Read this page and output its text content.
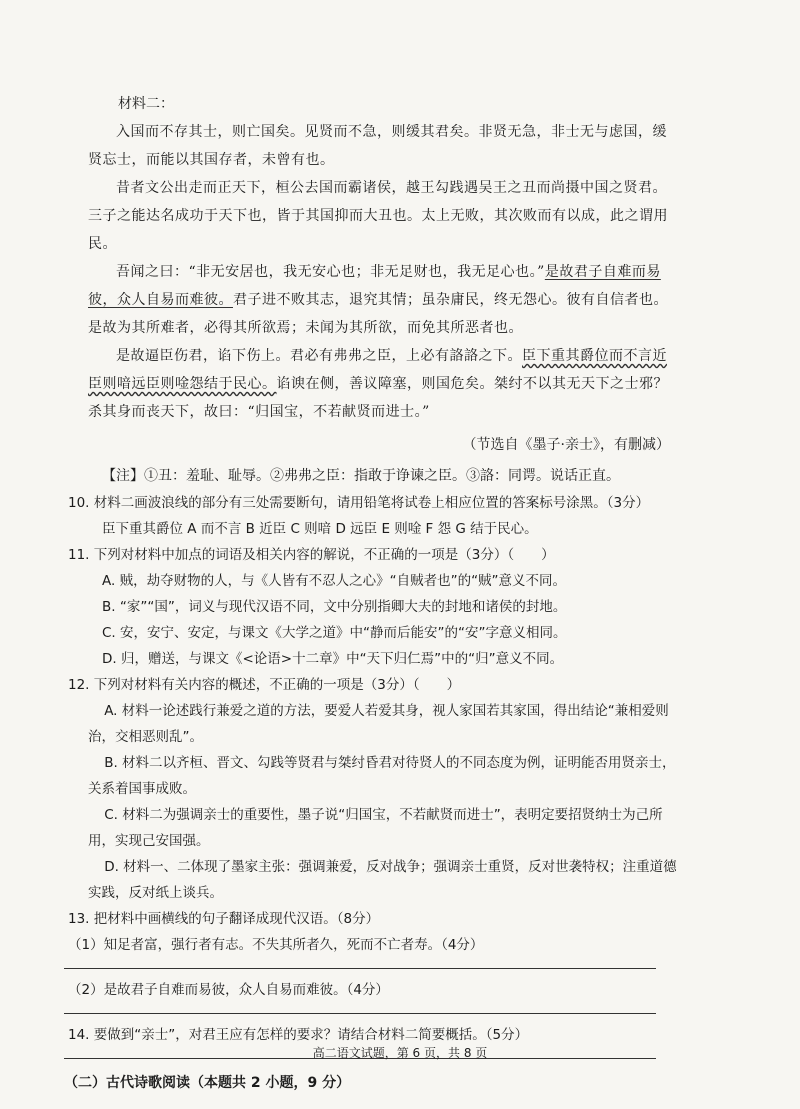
材料二：

入国而不存其士，则亡国矣。见贤而不急，则缓其君矣。非贤无急，非士无与虑国，缓贤忘士，而能以其国存者，未曾有也。

昔者文公出走而正天下，桓公去国而霸诸侯，越王勾践遇吴王之丑而尚摄中国之贤君。三子之能达名成功于天下也，皆于其国抑而大丑也。太上无败，其次败而有以成，此之谓用民。

吾闻之曰：“非无安居也，我无安心也；非无足财也，我无足心也。”是故君子自难而易彼，众人自易而难彼。君子进不败其志，退究其情；虽杂庸民，终无怨心。彼有自信者也。是故为其所难者，必得其所欲焉；未闻为其所欲，而免其所恶者也。

是故逼臣伤君，谄下伤上。君必有弗弗之臣，上必有詻詻之下。臣下重其爵位而不言近臣则喑远臣则唫怨结于民心。谄谀在侧，善议障塞，则国危矣。桀纣不以其无天下之士邪？杀其身而丧天下，故曰：“归国宝，不若献贤而进士。”

（节选自《墨子·亲士》，有删减）

【注】①丑：羞耻、耻辱。②弗弗之臣：指敢于诤谏之臣。③詻：同谔。说话正直。

10. 材料二画波浪线的部分有三处需要断句，请用铅笔将试卷上相应位置的答案标号涂黑。（3分）

臣下重其爵位 A 而不言 B 近臣 C 则喑 D 远臣 E 则唫 F 怨 G 结于民心。

11. 下列对材料中加点的词语及相关内容的解说，不正确的一项是（3分）（　　）

A. 贼，劫夺财物的人，与《人皆有不忍人之心》“自贼者也”的“贼”意义不同。

B. “家”“国”，词义与现代汉语不同，文中分别指卿大夫的封地和诸侯的封地。

C. 安，安宁、安定，与课文《大学之道》中“静而后能安”的“安”字意义相同。

D. 归，赠送，与课文《<论语>十二章》中“天下归仁焉”中的“归”意义不同。

12. 下列对材料有关内容的概述，不正确的一项是（3分）（　　）

A. 材料一论述践行兼爱之道的方法，要爱人若爱其身，视人家国若其家国，得出结论“兼相爱则治，交相恶则乱”。

B. 材料二以齐桓、晋文、勾践等贤君与桀纣昏君对待贤人的不同态度为例，证明能否用贤亲士，关系着国事成败。

C. 材料二为强调亲士的重要性，墨子说“归国宝，不若献贤而进士”，表明定要招贤纳士为己所用，实现己安国强。

D. 材料一、二体现了墨家主张：强调兼爱，反对战争；强调亲士重贤，反对世袭特权；注重道德实践，反对纸上谈兵。

13. 把材料中画横线的句子翻译成现代汉语。（8分）

（1）知足者富，强行者有志。不失其所者久，死而不亡者寿。（4分）

（2）是故君子自难而易彼，众人自易而难彼。（4分）

14. 要做到“亲士”，对君王应有怎样的要求？请结合材料二简要概括。（5分）

（二）古代诗歌阅读（本题共 2 小题，9 分）

高二语文试题，第 6 页，共 8 页
